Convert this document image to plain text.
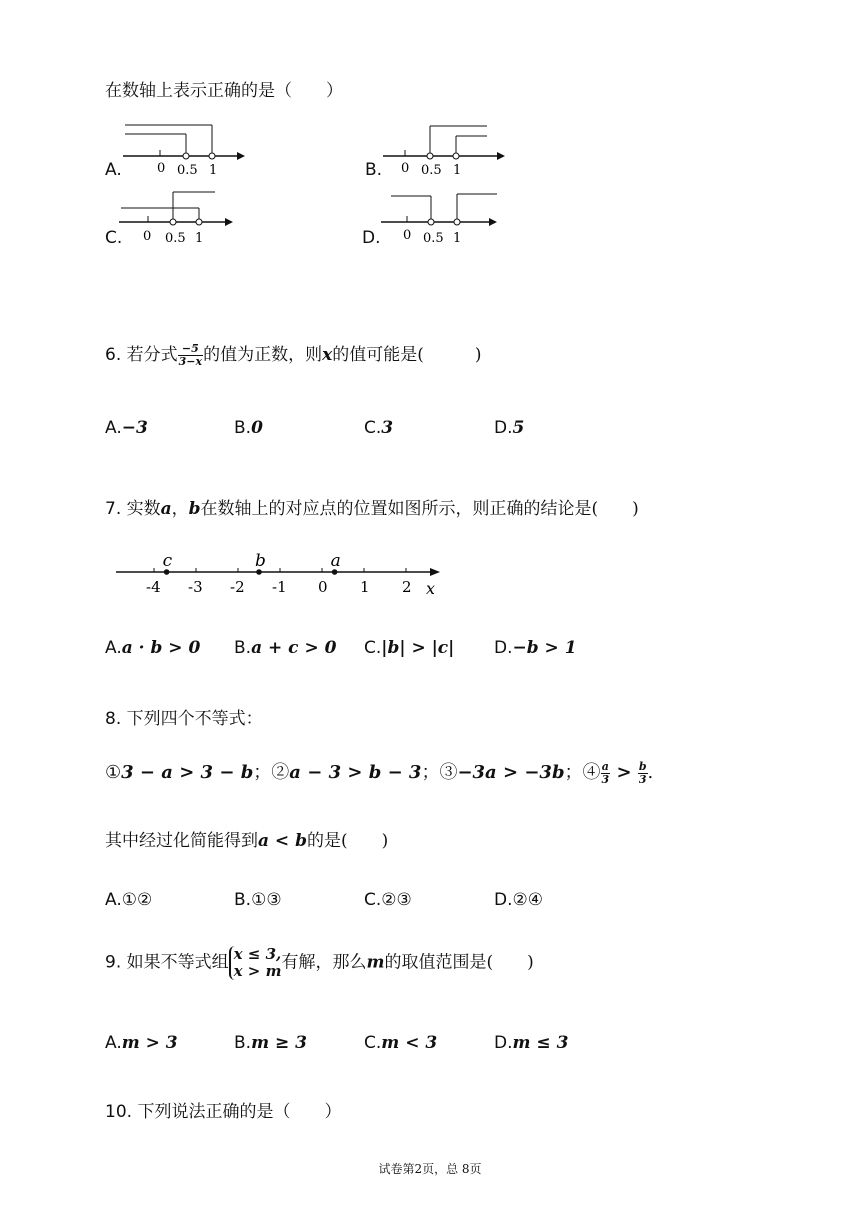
在数轴上表示正确的是（　　）
A.	0 0.5 1	B. 0 0.5 1
C. 0 0.5 1	D. 0 0.5 1
6. 若分式 $\frac{-5}{3-x}$ 的值为正数，则x的值可能是(　　　)
A.−3	B.0	C.3	D.5
7. 实数a，b在数轴上的对应点的位置如图所示，则正确的结论是(　　)
-4 -3 -2 -1 0 1 2 x
c	b	a
A.a · b > 0 B.a + c > 0 C.|b| > |c| D.−b > 1
8. 下列四个不等式：
①3 − a > 3 − b；②a − 3 > b − 3；③−3a > −3b；④ $\frac{a}{3} > \frac{b}{3}$ .
其中经过化简能得到a < b的是(　　)
A.①②	B.①③	C.②③	D.②④
9. 如果不等式组 x ≤ 3,
x > m 有解，那么m的取值范围是(　　)
A.m > 3	B.m ≥ 3	C.m < 3	D.m ≤ 3
10. 下列说法正确的是（　　）
试卷第2页，总 8页
